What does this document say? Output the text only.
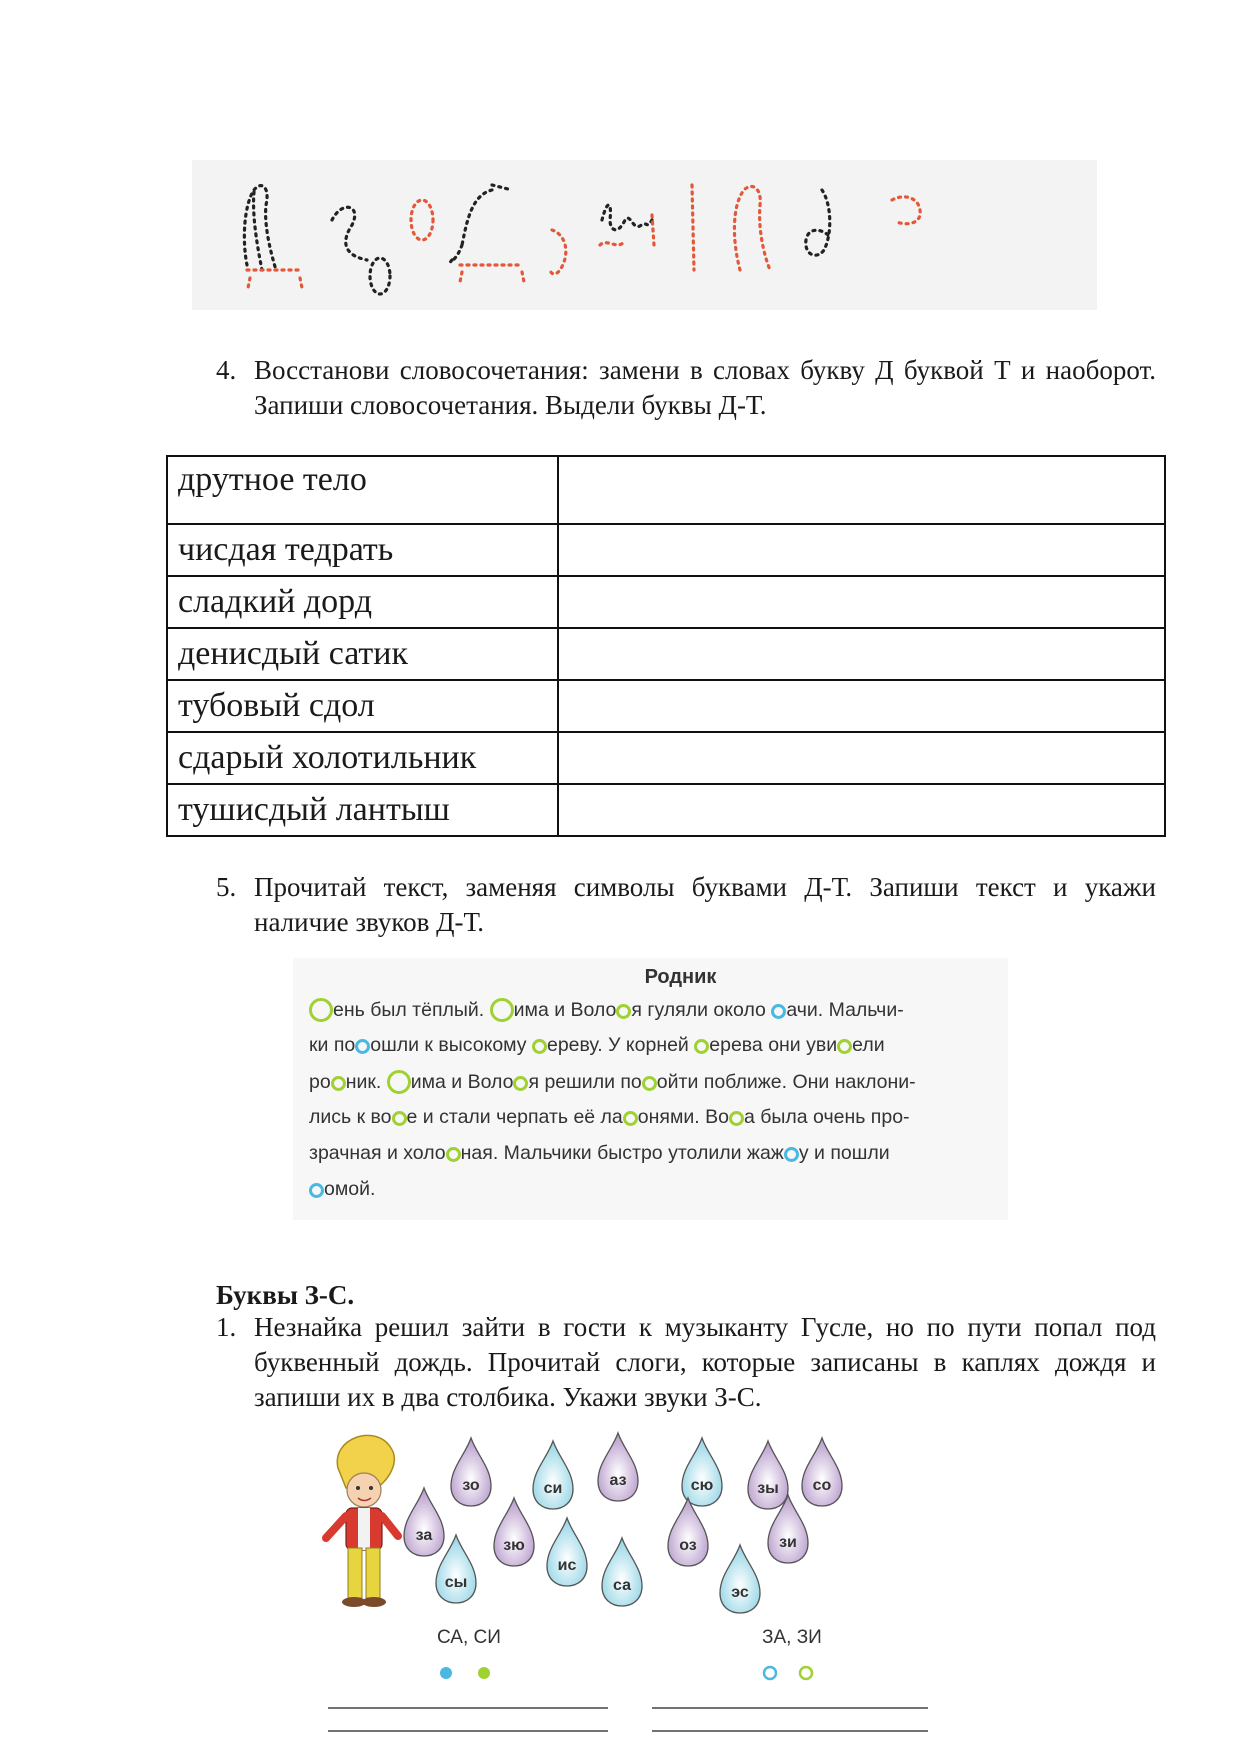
4. Восстанови словосочетания: замени в словах букву Д буквой Т и наоборот. Запиши словосочетания. Выдели буквы Д-Т.
друтное тело	
чисдая тедрать	
сладкий дорд	
денисдый сатик	
тубовый сдол	
сдарый холотильник	
тушисдый лантыш	
5. Прочитай текст, заменяя символы буквами Д-Т. Запиши текст и укажи наличие звуков Д-Т.
Родник
ень был тёплый. има и Воло я гуляли около ачи. Мальчи-
ки по ошли к высокому ереву. У корней ерева они уви ели
ро ник. има и Воло я решили по ойти поближе. Они наклони-
лись к во е и стали черпать её ла онями. Во а была очень про-
зрачная и холо ная. Мальчики быстро утолили жаж у и пошли
омой.
Буквы З-С.
1. Незнайка решил зайти в гости к музыканту Гусле, но по пути попал под буквенный дождь. Прочитай слоги, которые записаны в каплях дождя и запиши их в два столбика. Укажи звуки З-С.
зо	си	аз	сю	зы со
за
зю
ис
оз	зи
сы	са	эс
СА, СИ	ЗА, ЗИ
